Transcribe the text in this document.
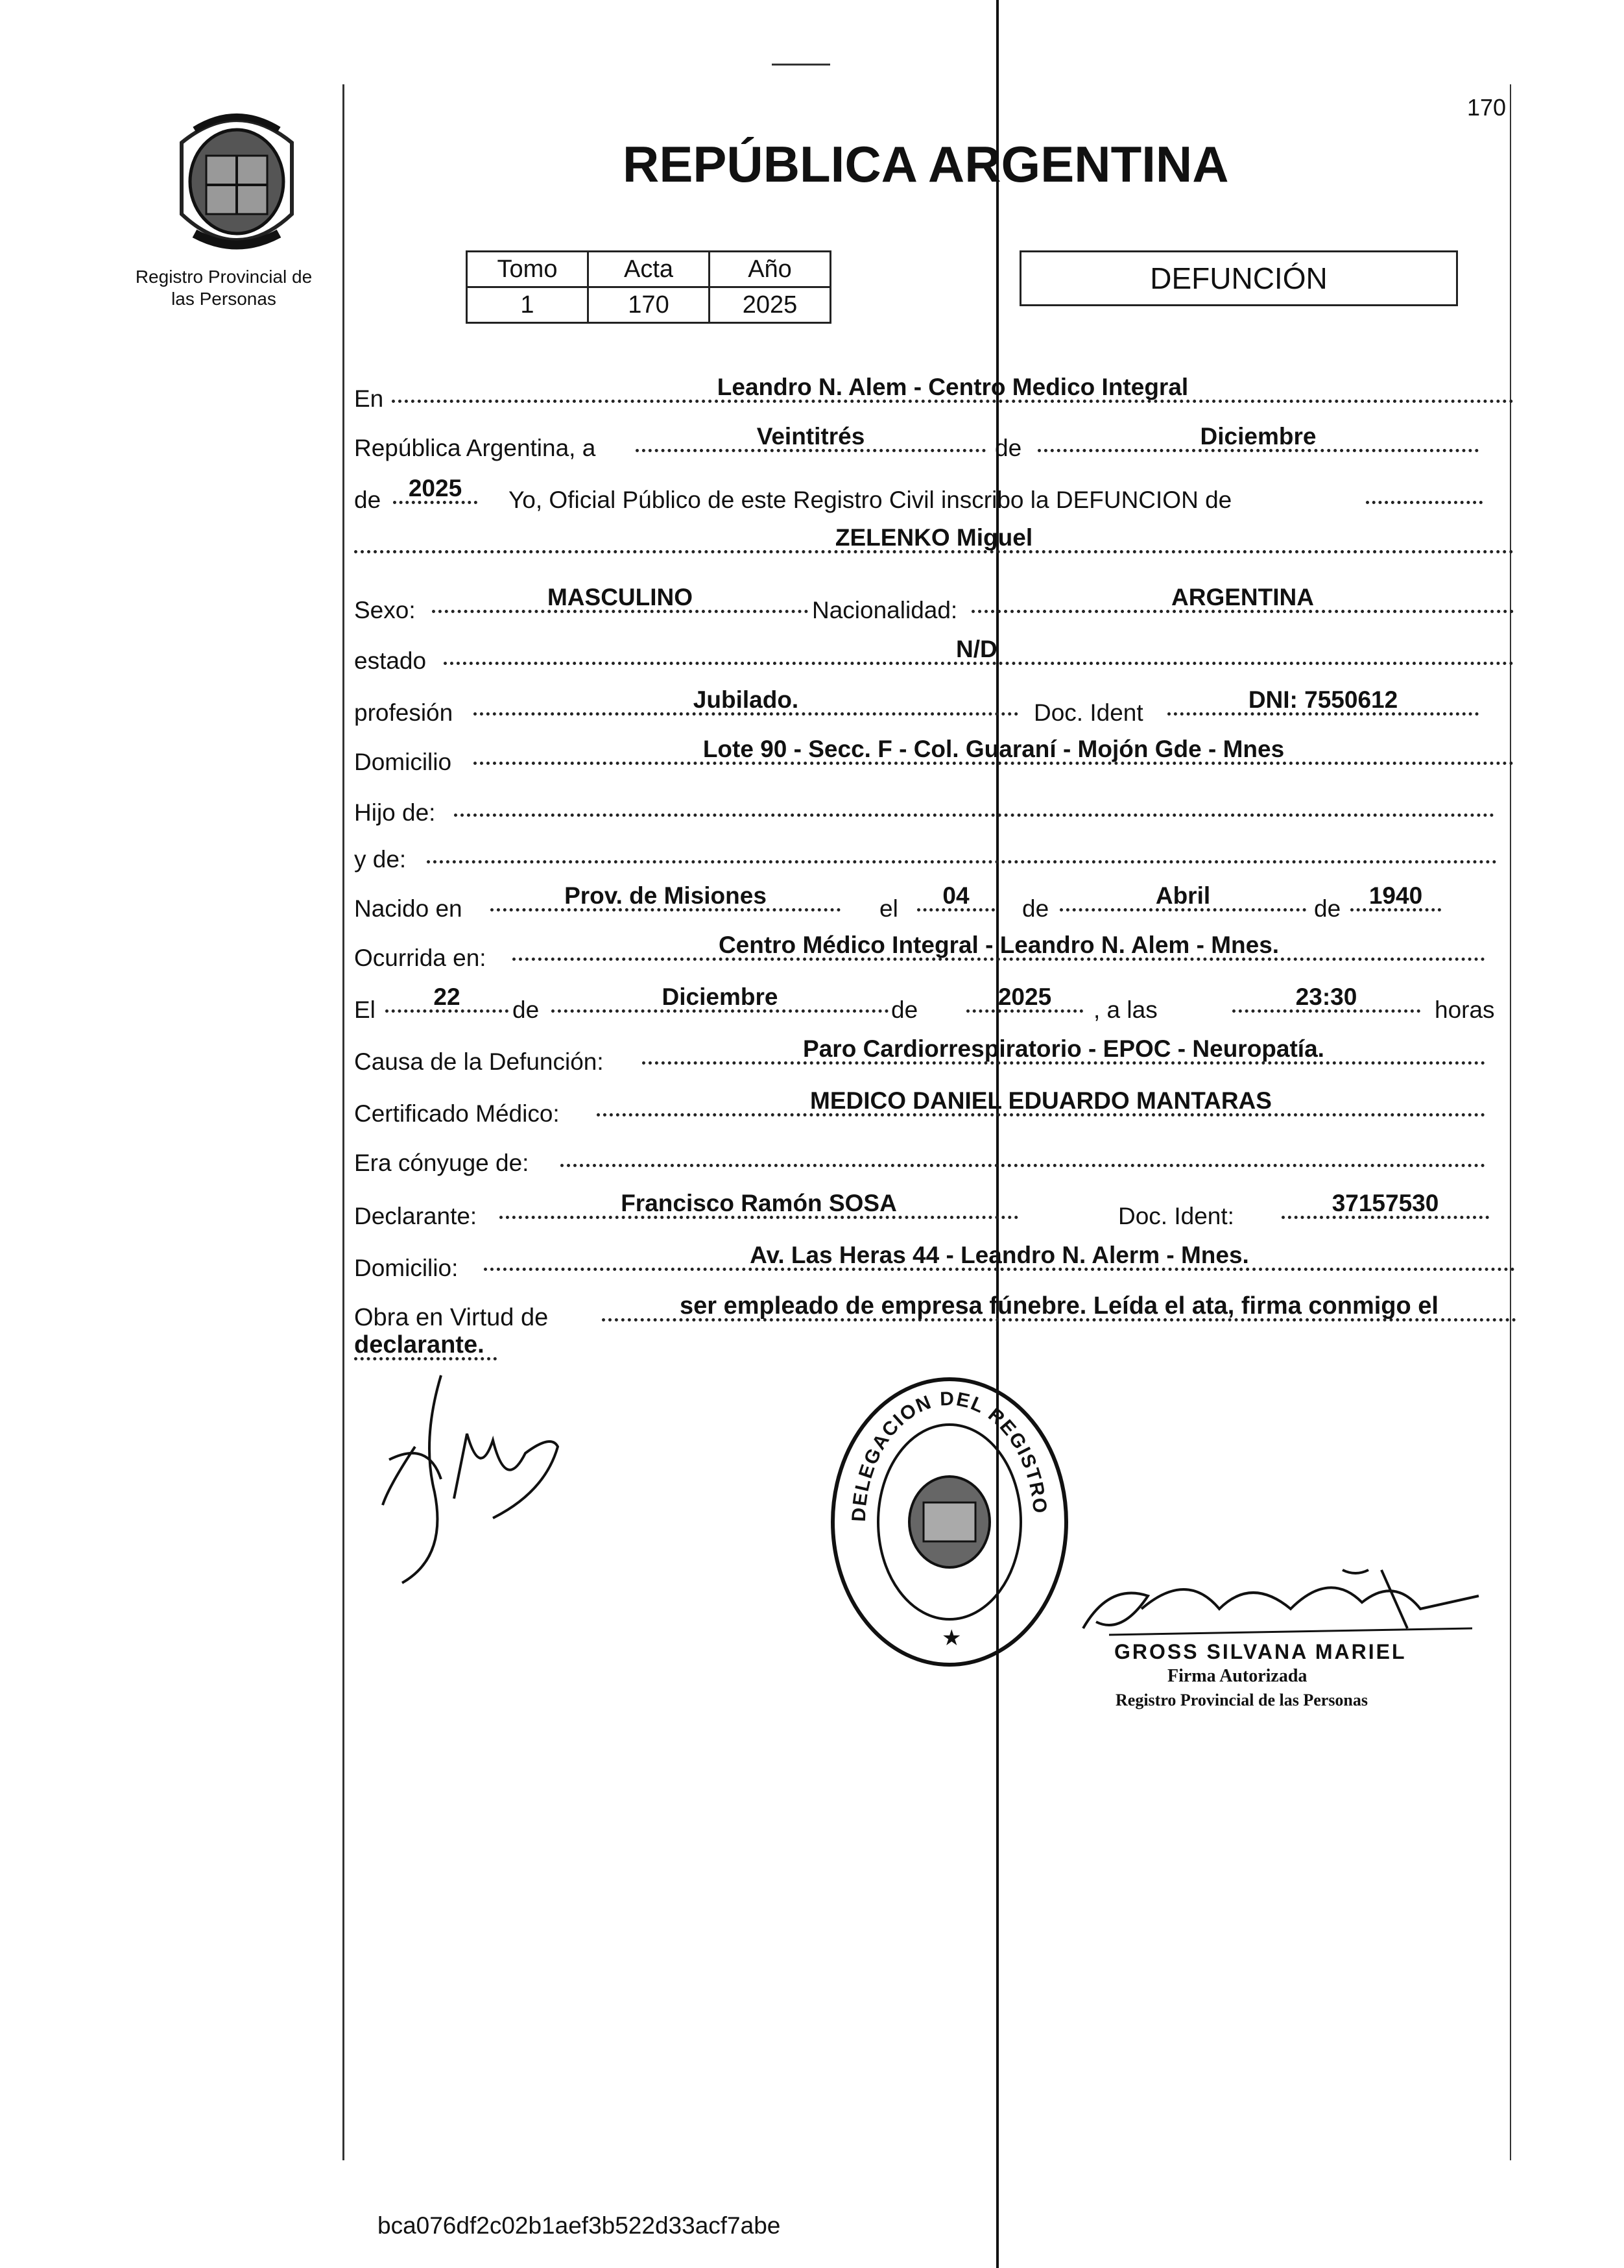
Registro Provincial de
las Personas
170
REPÚBLICA ARGENTINA
Tomo	Acta	Año
1	170	2025
DEFUNCIÓN
En	Leandro N. Alem - Centro Medico Integral
República Argentina, a	Veintitrés	de	Diciembre
de	2025	Yo, Oficial Público de este Registro Civil inscribo la DEFUNCION de
ZELENKO Miguel
Sexo:	MASCULINO	Nacionalidad:	ARGENTINA
estado	N/D
profesión	Jubilado.	Doc. Ident	DNI: 7550612
Domicilio	Lote 90 - Secc. F - Col. Guaraní - Mojón Gde - Mnes
Hijo de:
y de:
Nacido en	Prov. de Misiones	el	04	de	Abril	de	1940
Ocurrida en:	Centro Médico Integral - Leandro N. Alem - Mnes.
El	22	de	Diciembre	de	2025	, a las	23:30	horas
Causa de la Defunción:	Paro Cardiorrespiratorio - EPOC - Neuropatía.
Certificado Médico:	MEDICO DANIEL EDUARDO MANTARAS
Era cónyuge de:
Declarante:	Francisco Ramón SOSA	Doc. Ident:	37157530
Domicilio:	Av. Las Heras 44 - Leandro N. Alerm - Mnes.
Obra en Virtud de	ser empleado de empresa fúnebre. Leída el ata, firma conmigo el
declarante.
DELEGACION DEL REGISTRO
★
GROSS SILVANA MARIEL
Firma Autorizada
Registro Provincial de las Personas
bca076df2c02b1aef3b522d33acf7abe
